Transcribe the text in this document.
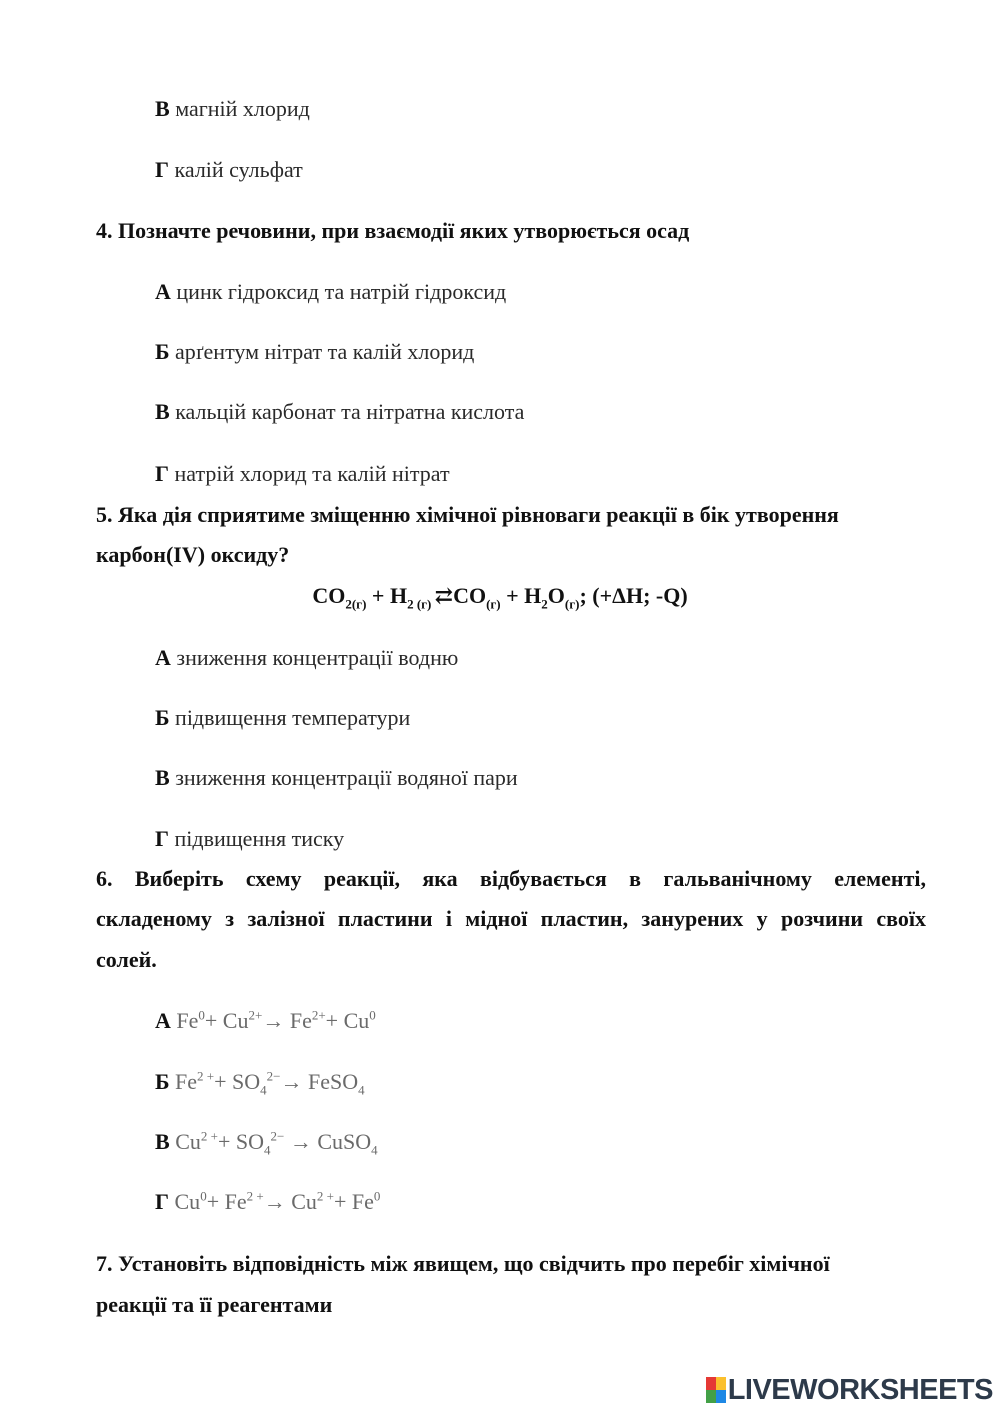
В магній хлорид
Г калій сульфат
4. Позначте речовини, при взаємодії яких утворюється осад
А цинк гідроксид та натрій гідроксид
Б арґентум нітрат та калій хлорид
В кальцій карбонат та нітратна кислота
Г натрій хлорид та калій нітрат
5. Яка дія сприятиме зміщенню хімічної рівноваги реакції в бік утворення
карбон(IV) оксиду?
$CO_{2(г)} + H_{2 (г)}$ $⇄CO_{(г)} + H_2O_{(г)}$; (+ΔH; -Q)
А зниження концентрації водню
Б підвищення температури
В зниження концентрації водяної пари
Г підвищення тиску
6. Виберіть схему реакції, яка відбувається в гальванічному елементі,
складеному з залізної пластини і мідної пластин, занурених у розчини своїх
солей.
А $Fe^0+ Cu^{2+}\to Fe^{2+}+ Cu^0$
Б $Fe^{2 +}+ SO_4^{2-}\to$ FeSO$_4$
В $Cu^{2 +}+ SO_4^{2-}$ → CuSO$_4$
Г $Cu^0+ Fe^{2 +}\to Cu^{2 +}+ Fe^0$
7. Установіть відповідність між явищем, що свідчить про перебіг хімічної
реакції та її реагентами
LIVEWORKSHEETS
